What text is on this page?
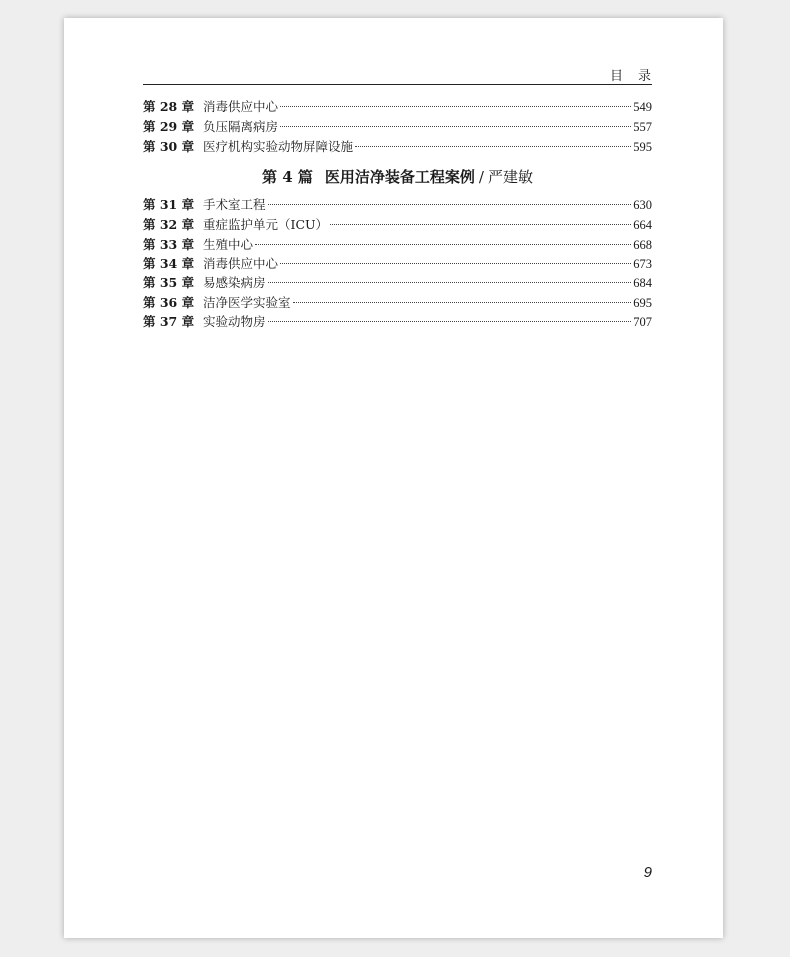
目　录
第 28 章 消毒供应中心	549
第 29 章 负压隔离病房	557
第 30 章 医疗机构实验动物屏障设施	595
第 4 篇 医用洁净装备工程案例 / 严建敏
第 31 章 手术室工程	630
第 32 章 重症监护单元（ICU）	664
第 33 章 生殖中心	668
第 34 章 消毒供应中心	673
第 35 章 易感染病房	684
第 36 章 洁净医学实验室	695
第 37 章 实验动物房	707
9
